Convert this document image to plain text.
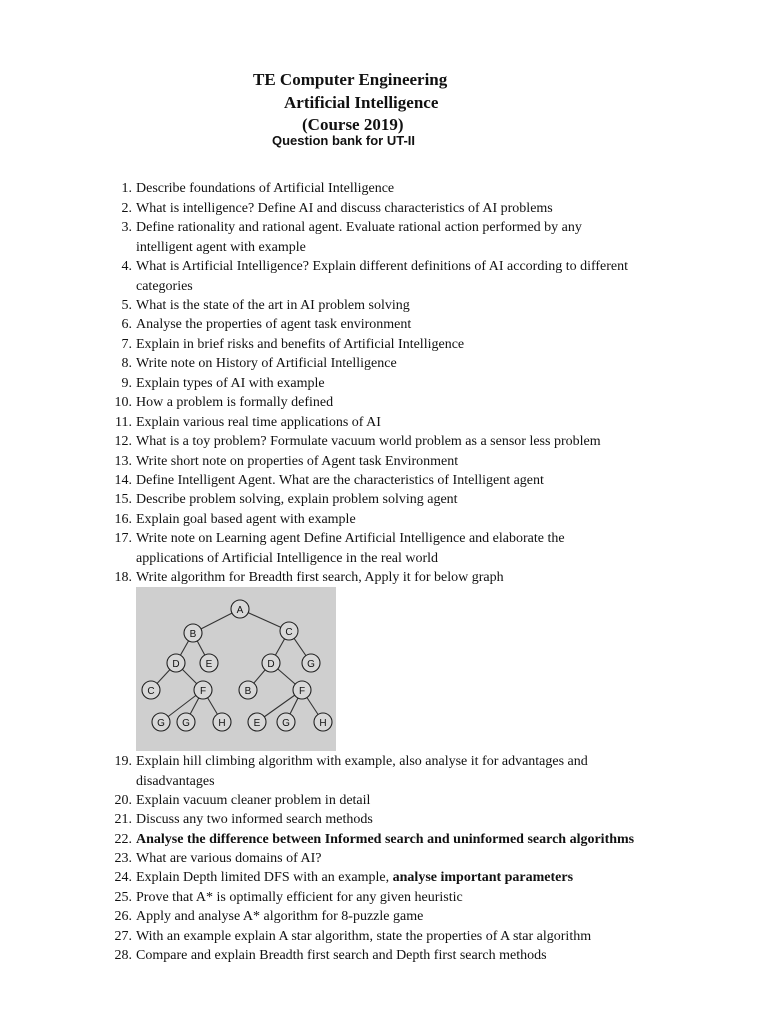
TE Computer Engineering
Artificial Intelligence
(Course 2019)
Question bank for UT-II
1. Describe foundations of Artificial Intelligence
2. What is intelligence? Define AI and discuss characteristics of AI problems
3. Define rationality and rational agent. Evaluate rational action performed by any
intelligent agent with example
4. What is Artificial Intelligence? Explain different definitions of AI according to different
categories
5. What is the state of the art in AI problem solving
6. Analyse the properties of agent task environment
7. Explain in brief risks and benefits of Artificial Intelligence
8. Write note on History of Artificial Intelligence
9. Explain types of AI with example
10. How a problem is formally defined
11. Explain various real time applications of AI
12. What is a toy problem? Formulate vacuum world problem as a sensor less problem
13. Write short note on properties of Agent task Environment
14. Define Intelligent Agent. What are the characteristics of Intelligent agent
15. Describe problem solving, explain problem solving agent
16. Explain goal based agent with example
17. Write note on Learning agent Define Artificial Intelligence and elaborate the
applications of Artificial Intelligence in the real world
18. Write algorithm for Breadth first search, Apply it for below graph
A
B	C
D	E	D	G
C	F	B	F
G G	H	E G	H
19. Explain hill climbing algorithm with example, also analyse it for advantages and
disadvantages
20. Explain vacuum cleaner problem in detail
21. Discuss any two informed search methods
22. Analyse the difference between Informed search and uninformed search algorithms
23. What are various domains of AI?
24. Explain Depth limited DFS with an example, analyse important parameters
25. Prove that A* is optimally efficient for any given heuristic
26. Apply and analyse A* algorithm for 8-puzzle game
27. With an example explain A star algorithm, state the properties of A star algorithm
28. Compare and explain Breadth first search and Depth first search methods
